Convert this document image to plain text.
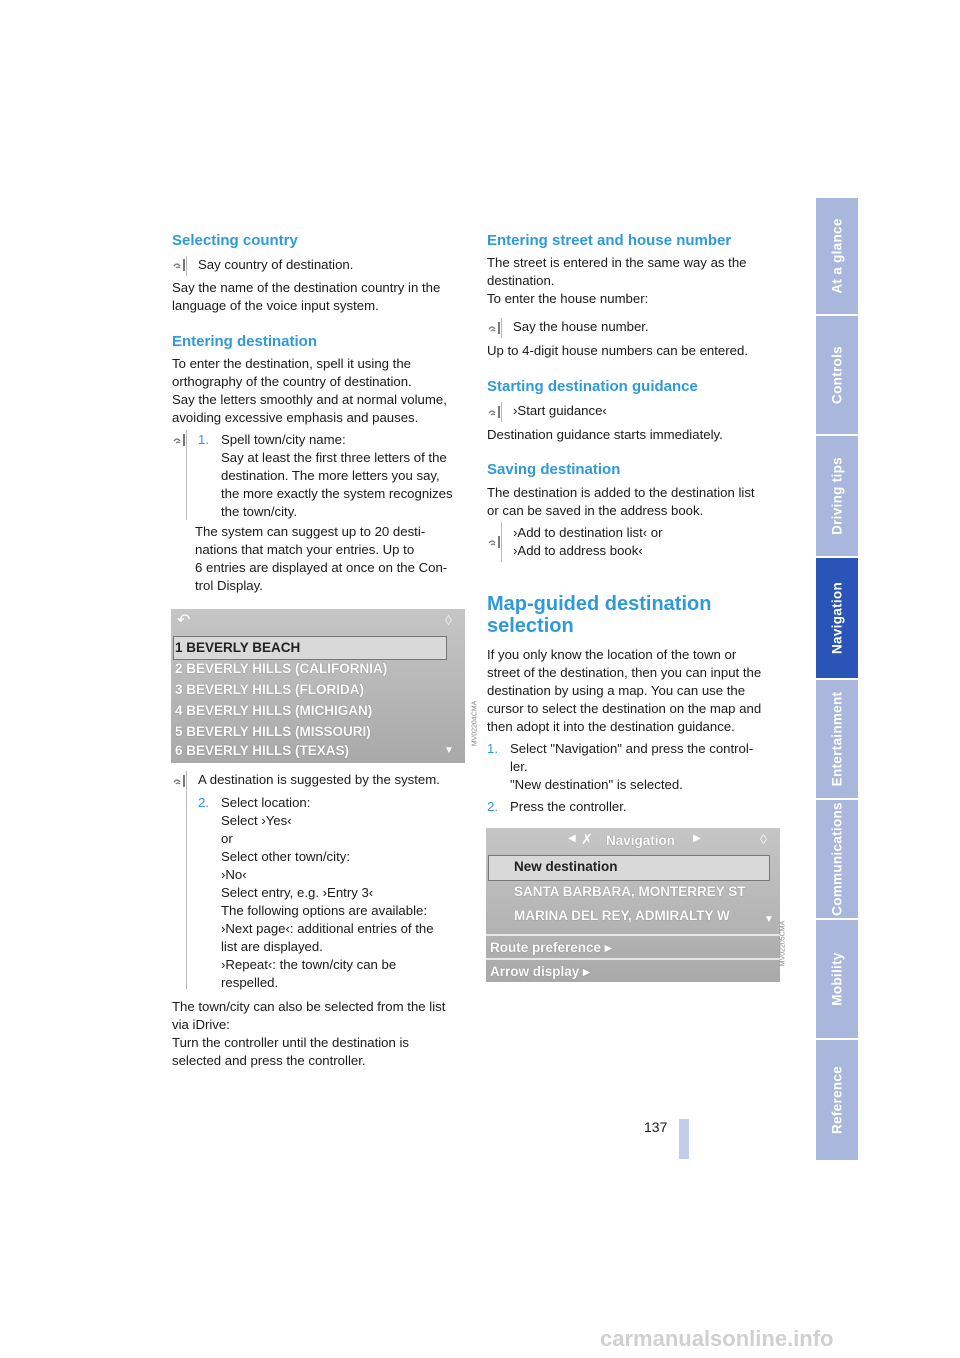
At a glance
Controls
Driving tips
Navigation
Entertainment
Communications
Mobility
Reference
137
Selecting country

Say country of destination.

Say the name of the destination country in the
language of the voice input system.

Entering destination

To enter the destination, spell it using the
orthography of the country of destination.
Say the letters smoothly and at normal volume,
avoiding excessive emphasis and pauses.

1. Spell town/city name:
Say at least the first three letters of the
destination. The more letters you say,
the more exactly the system recognizes
the town/city.

The system can suggest up to 20 desti-
nations that match your entries. Up to
6 entries are displayed at once on the Con-
trol Display.

↶	◊
1 BEVERLY BEACH
2 BEVERLY HILLS (CALIFORNIA)
3 BEVERLY HILLS (FLORIDA)
4 BEVERLY HILLS (MICHIGAN)
5 BEVERLY HILLS (MISSOURI)
6 BEVERLY HILLS (TEXAS)	▼
MV02204CMA

A destination is suggested by the system.

2. Select location:
Select ›Yes‹
or
Select other town/city:
›No‹
Select entry, e.g. ›Entry 3‹
The following options are available:
›Next page‹: additional entries of the
list are displayed.
›Repeat‹: the town/city can be
respelled.

The town/city can also be selected from the list
via iDrive:
Turn the controller until the destination is
selected and press the controller.

Entering street and house number

The street is entered in the same way as the
destination.
To enter the house number:

Say the house number.

Up to 4-digit house numbers can be entered.

Starting destination guidance

›Start guidance‹

Destination guidance starts immediately.

Saving destination

The destination is added to the destination list
or can be saved in the address book.

›Add to destination list‹ or
›Add to address book‹

Map-guided destination
selection

If you only know the location of the town or
street of the destination, then you can input the
destination by using a map. You can use the
cursor to select the destination on the map and
then adopt it into the destination guidance.

1. Select "Navigation" and press the control-
ler.
"New destination" is selected.

2. Press the controller.

◀ ✗ Navigation ▶	◊
New destination
SANTA BARBARA, MONTERREY ST
MARINA DEL REY, ADMIRALTY W	▼
Route preference ▸
Arrow display ▸
MV02205CMA
carmanualsonline.info
